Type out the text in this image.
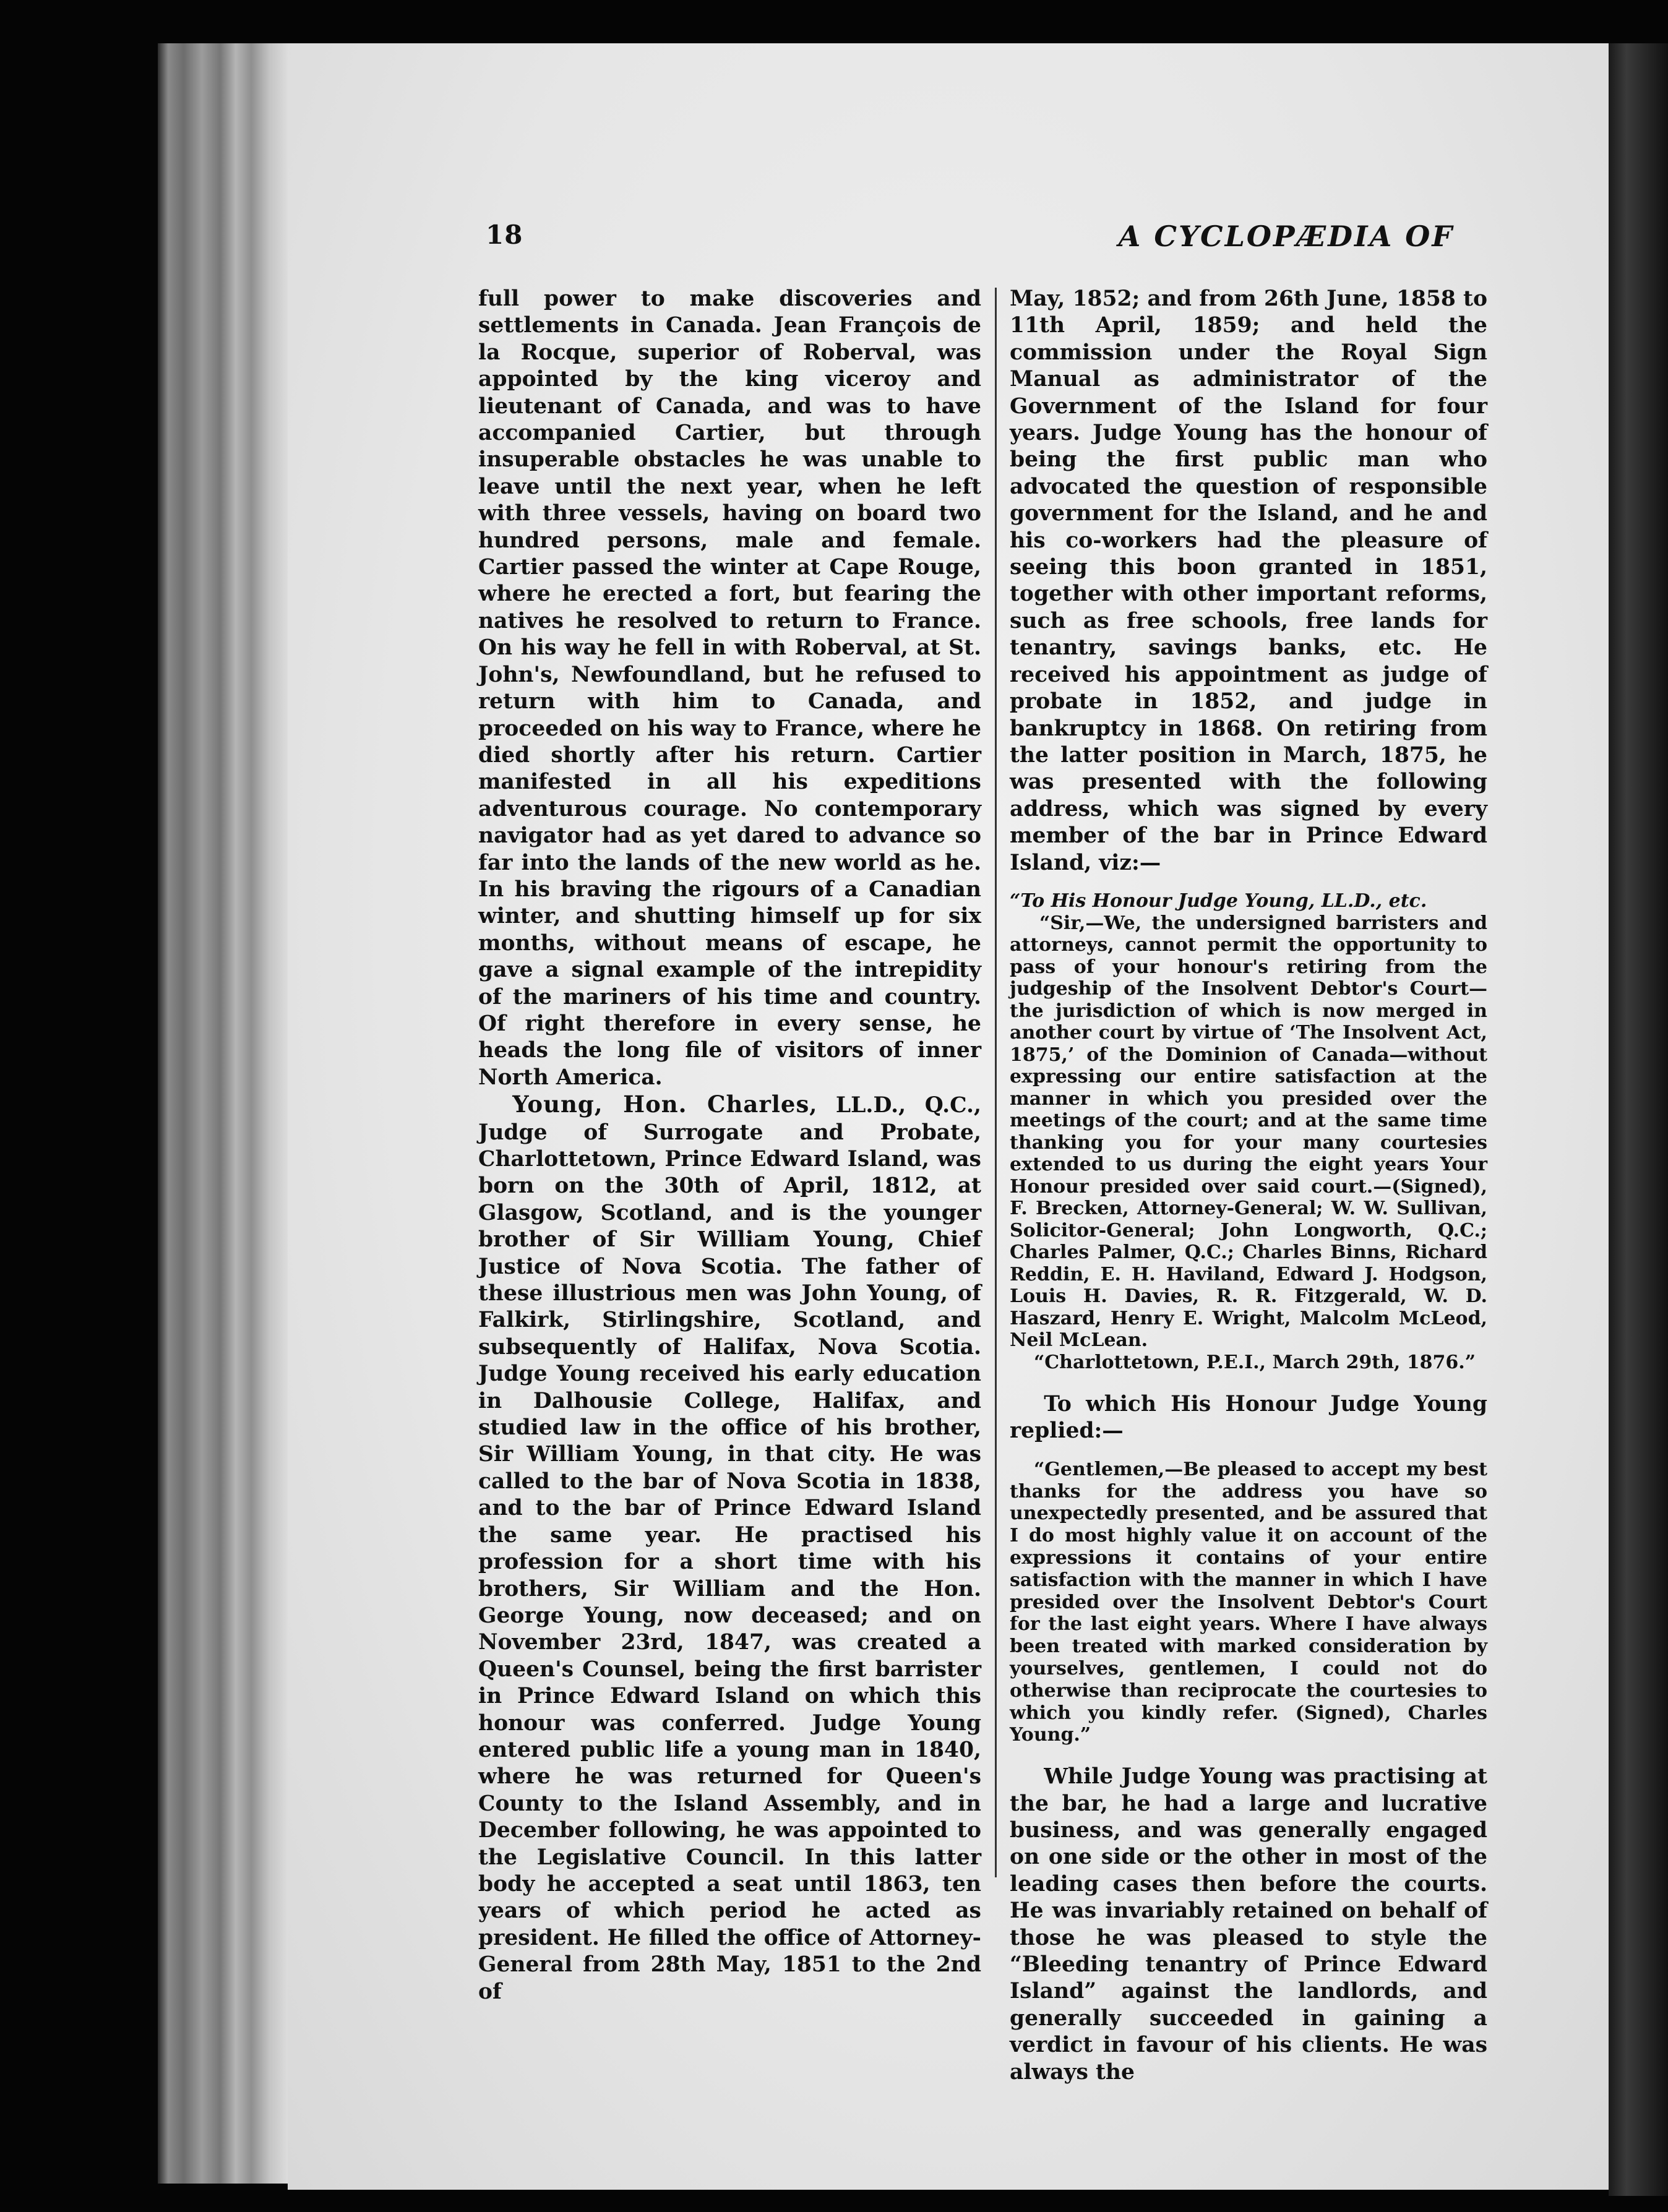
18	A CYCLOPÆDIA OF

full power to make discoveries and settlements in Canada. Jean François de la Rocque, superior of Roberval, was appointed by the king viceroy and lieutenant of Canada, and was to have accompanied Cartier, but through insuperable obstacles he was unable to leave until the next year, when he left with three vessels, having on board two hundred persons, male and female. Cartier passed the winter at Cape Rouge, where he erected a fort, but fearing the natives he resolved to return to France. On his way he fell in with Roberval, at St. John's, Newfoundland, but he refused to return with him to Canada, and proceeded on his way to France, where he died shortly after his return. Cartier manifested in all his expeditions adventurous courage. No contemporary navigator had as yet dared to advance so far into the lands of the new world as he. In his braving the rigours of a Canadian winter, and shutting himself up for six months, without means of escape, he gave a signal example of the intrepidity of the mariners of his time and country. Of right therefore in every sense, he heads the long file of visitors of inner North America.

Young, Hon. Charles, LL.D., Q.C., Judge of Surrogate and Probate, Charlottetown, Prince Edward Island, was born on the 30th of April, 1812, at Glasgow, Scotland, and is the younger brother of Sir William Young, Chief Justice of Nova Scotia. The father of these illustrious men was John Young, of Falkirk, Stirlingshire, Scotland, and subsequently of Halifax, Nova Scotia. Judge Young received his early education in Dalhousie College, Halifax, and studied law in the office of his brother, Sir William Young, in that city. He was called to the bar of Nova Scotia in 1838, and to the bar of Prince Edward Island the same year. He practised his profession for a short time with his brothers, Sir William and the Hon. George Young, now deceased; and on November 23rd, 1847, was created a Queen's Counsel, being the first barrister in Prince Edward Island on which this honour was conferred. Judge Young entered public life a young man in 1840, where he was returned for Queen's County to the Island Assembly, and in December following, he was appointed to the Legislative Council. In this latter body he accepted a seat until 1863, ten years of which period he acted as president. He filled the office of Attorney-General from 28th May, 1851 to the 2nd of

May, 1852; and from 26th June, 1858 to 11th April, 1859; and held the commission under the Royal Sign Manual as administrator of the Government of the Island for four years. Judge Young has the honour of being the first public man who advocated the question of responsible government for the Island, and he and his co-workers had the pleasure of seeing this boon granted in 1851, together with other important reforms, such as free schools, free lands for tenantry, savings banks, etc. He received his appointment as judge of probate in 1852, and judge in bankruptcy in 1868. On retiring from the latter position in March, 1875, he was presented with the following address, which was signed by every member of the bar in Prince Edward Island, viz:—

“To His Honour Judge Young, LL.D., etc.

“Sir,—We, the undersigned barristers and attorneys, cannot permit the opportunity to pass of your honour's retiring from the judgeship of the Insolvent Debtor's Court—the jurisdiction of which is now merged in another court by virtue of ‘The Insolvent Act, 1875,’ of the Dominion of Canada—without expressing our entire satisfaction at the manner in which you presided over the meetings of the court; and at the same time thanking you for your many courtesies extended to us during the eight years Your Honour presided over said court.—(Signed), F. Brecken, Attorney-General; W. W. Sullivan, Solicitor-General; John Longworth, Q.C.; Charles Palmer, Q.C.; Charles Binns, Richard Reddin, E. H. Haviland, Edward J. Hodgson, Louis H. Davies, R. R. Fitzgerald, W. D. Haszard, Henry E. Wright, Malcolm McLeod, Neil McLean.

“Charlottetown, P.E.I., March 29th, 1876.”

To which His Honour Judge Young replied:—

“Gentlemen,—Be pleased to accept my best thanks for the address you have so unexpectedly presented, and be assured that I do most highly value it on account of the expressions it contains of your entire satisfaction with the manner in which I have presided over the Insolvent Debtor's Court for the last eight years. Where I have always been treated with marked consideration by yourselves, gentlemen, I could not do otherwise than reciprocate the courtesies to which you kindly refer. (Signed), Charles Young.”

While Judge Young was practising at the bar, he had a large and lucrative business, and was generally engaged on one side or the other in most of the leading cases then before the courts. He was invariably retained on behalf of those he was pleased to style the “Bleeding tenantry of Prince Edward Island” against the landlords, and generally succeeded in gaining a verdict in favour of his clients. He was always the
